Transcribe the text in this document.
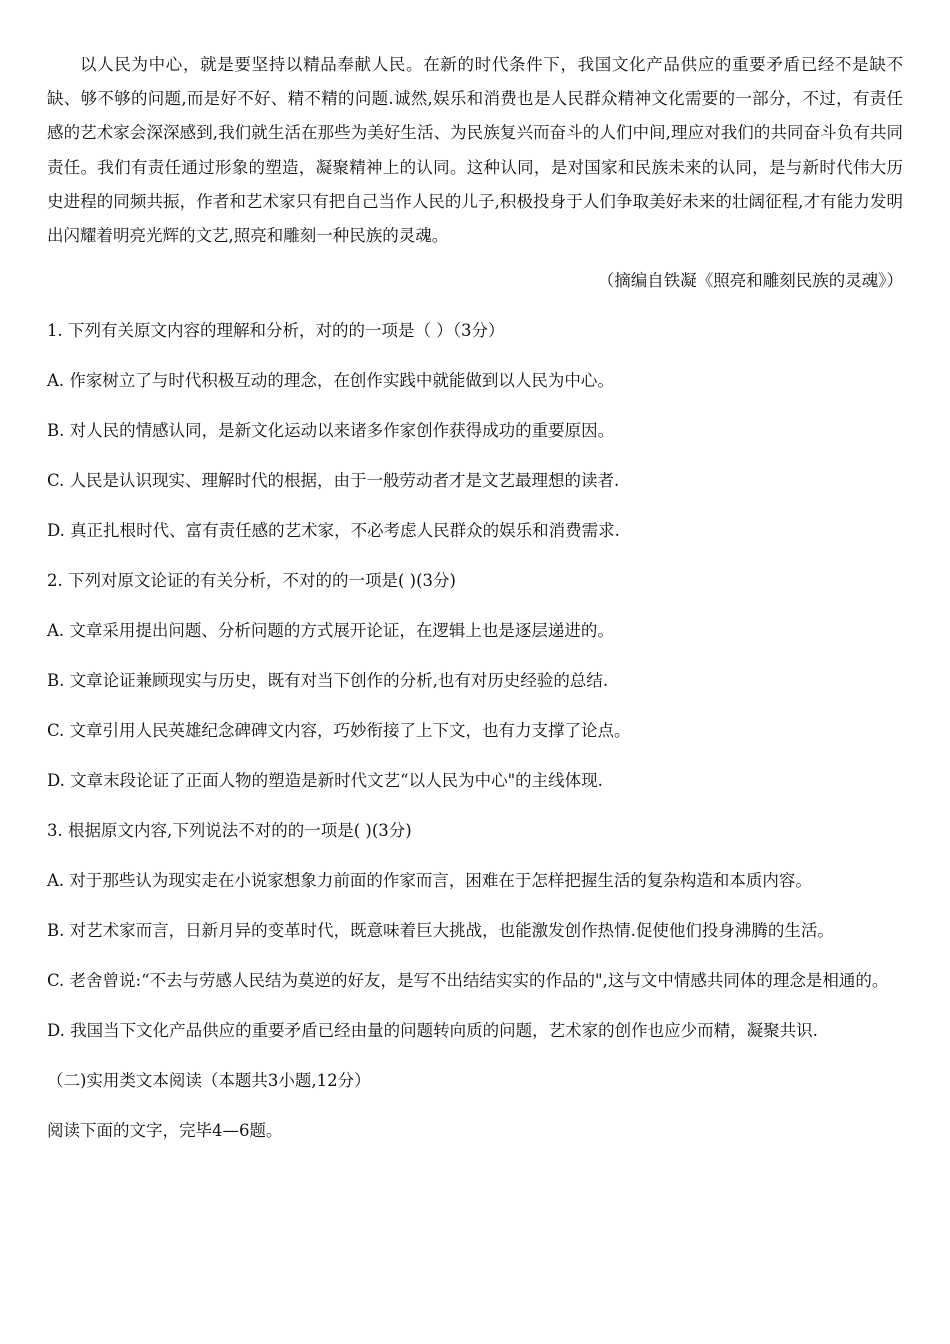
以人民为中心，就是要坚持以精品奉献人民。在新的时代条件下，我国文化产品供应的重要矛盾已经不是缺不缺、够不够的问题,而是好不好、精不精的问题.诚然,娱乐和消费也是人民群众精神文化需要的一部分，不过，有责任感的艺术家会深深感到,我们就生活在那些为美好生活、为民族复兴而奋斗的人们中间,理应对我们的共同奋斗负有共同责任。我们有责任通过形象的塑造，凝聚精神上的认同。这种认同，是对国家和民族未来的认同，是与新时代伟大历史进程的同频共振，作者和艺术家只有把自己当作人民的儿子,积极投身于人们争取美好未来的壮阔征程,才有能力发明出闪耀着明亮光辉的文艺,照亮和雕刻一种民族的灵魂。

（摘编自铁凝《照亮和雕刻民族的灵魂》）

1. 下列有关原文内容的理解和分析，对的的一项是（ ）（3分）

A. 作家树立了与时代积极互动的理念，在创作实践中就能做到以人民为中心。

B. 对人民的情感认同，是新文化运动以来诸多作家创作获得成功的重要原因。

C. 人民是认识现实、理解时代的根据，由于一般劳动者才是文艺最理想的读者.

D. 真正扎根时代、富有责任感的艺术家，不必考虑人民群众的娱乐和消费需求.

2. 下列对原文论证的有关分析，不对的的一项是( )(3分)

A. 文章采用提出问题、分析问题的方式展开论证，在逻辑上也是逐层递进的。

B. 文章论证兼顾现实与历史，既有对当下创作的分析,也有对历史经验的总结.

C. 文章引用人民英雄纪念碑碑文内容，巧妙衔接了上下文，也有力支撑了论点。

D. 文章末段论证了正面人物的塑造是新时代文艺“以人民为中心"的主线体现.

3. 根据原文内容,下列说法不对的的一项是( )(3分)

A. 对于那些认为现实走在小说家想象力前面的作家而言，困难在于怎样把握生活的复杂构造和本质内容。

B. 对艺术家而言，日新月异的变革时代，既意味着巨大挑战，也能激发创作热情.促使他们投身沸腾的生活。

C. 老舍曾说:“不去与劳感人民结为莫逆的好友，是写不出结结实实的作品的",这与文中情感共同体的理念是相通的。

D. 我国当下文化产品供应的重要矛盾已经由量的问题转向质的问题，艺术家的创作也应少而精，凝聚共识.

（二)实用类文本阅读（本题共3小题,12分）

阅读下面的文字，完毕4—6题。
